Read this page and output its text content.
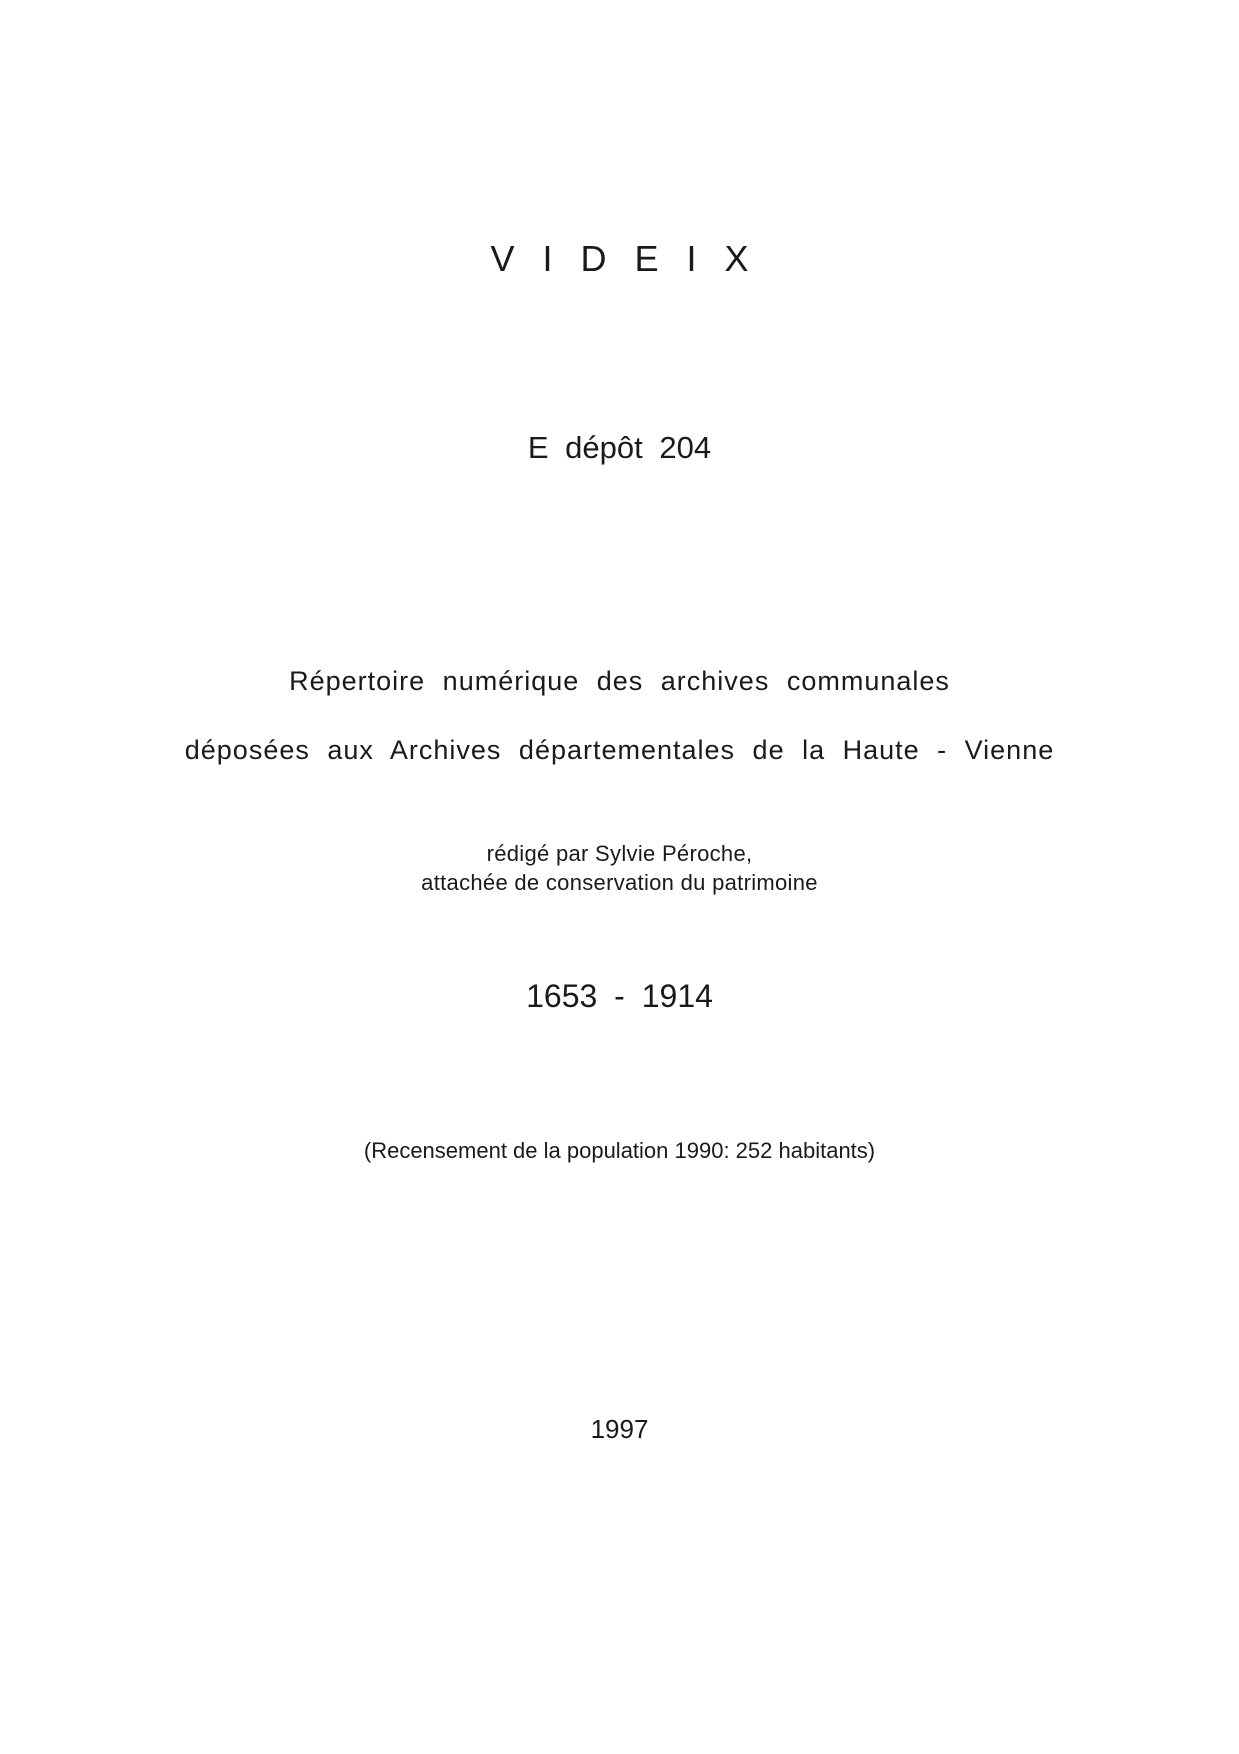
V I D E I X
E dépôt 204
Répertoire numérique des archives communales
déposées aux Archives départementales de la Haute - Vienne
rédigé par Sylvie Péroche,
attachée de conservation du patrimoine
1653 - 1914
(Recensement de la population 1990: 252 habitants)
1997
